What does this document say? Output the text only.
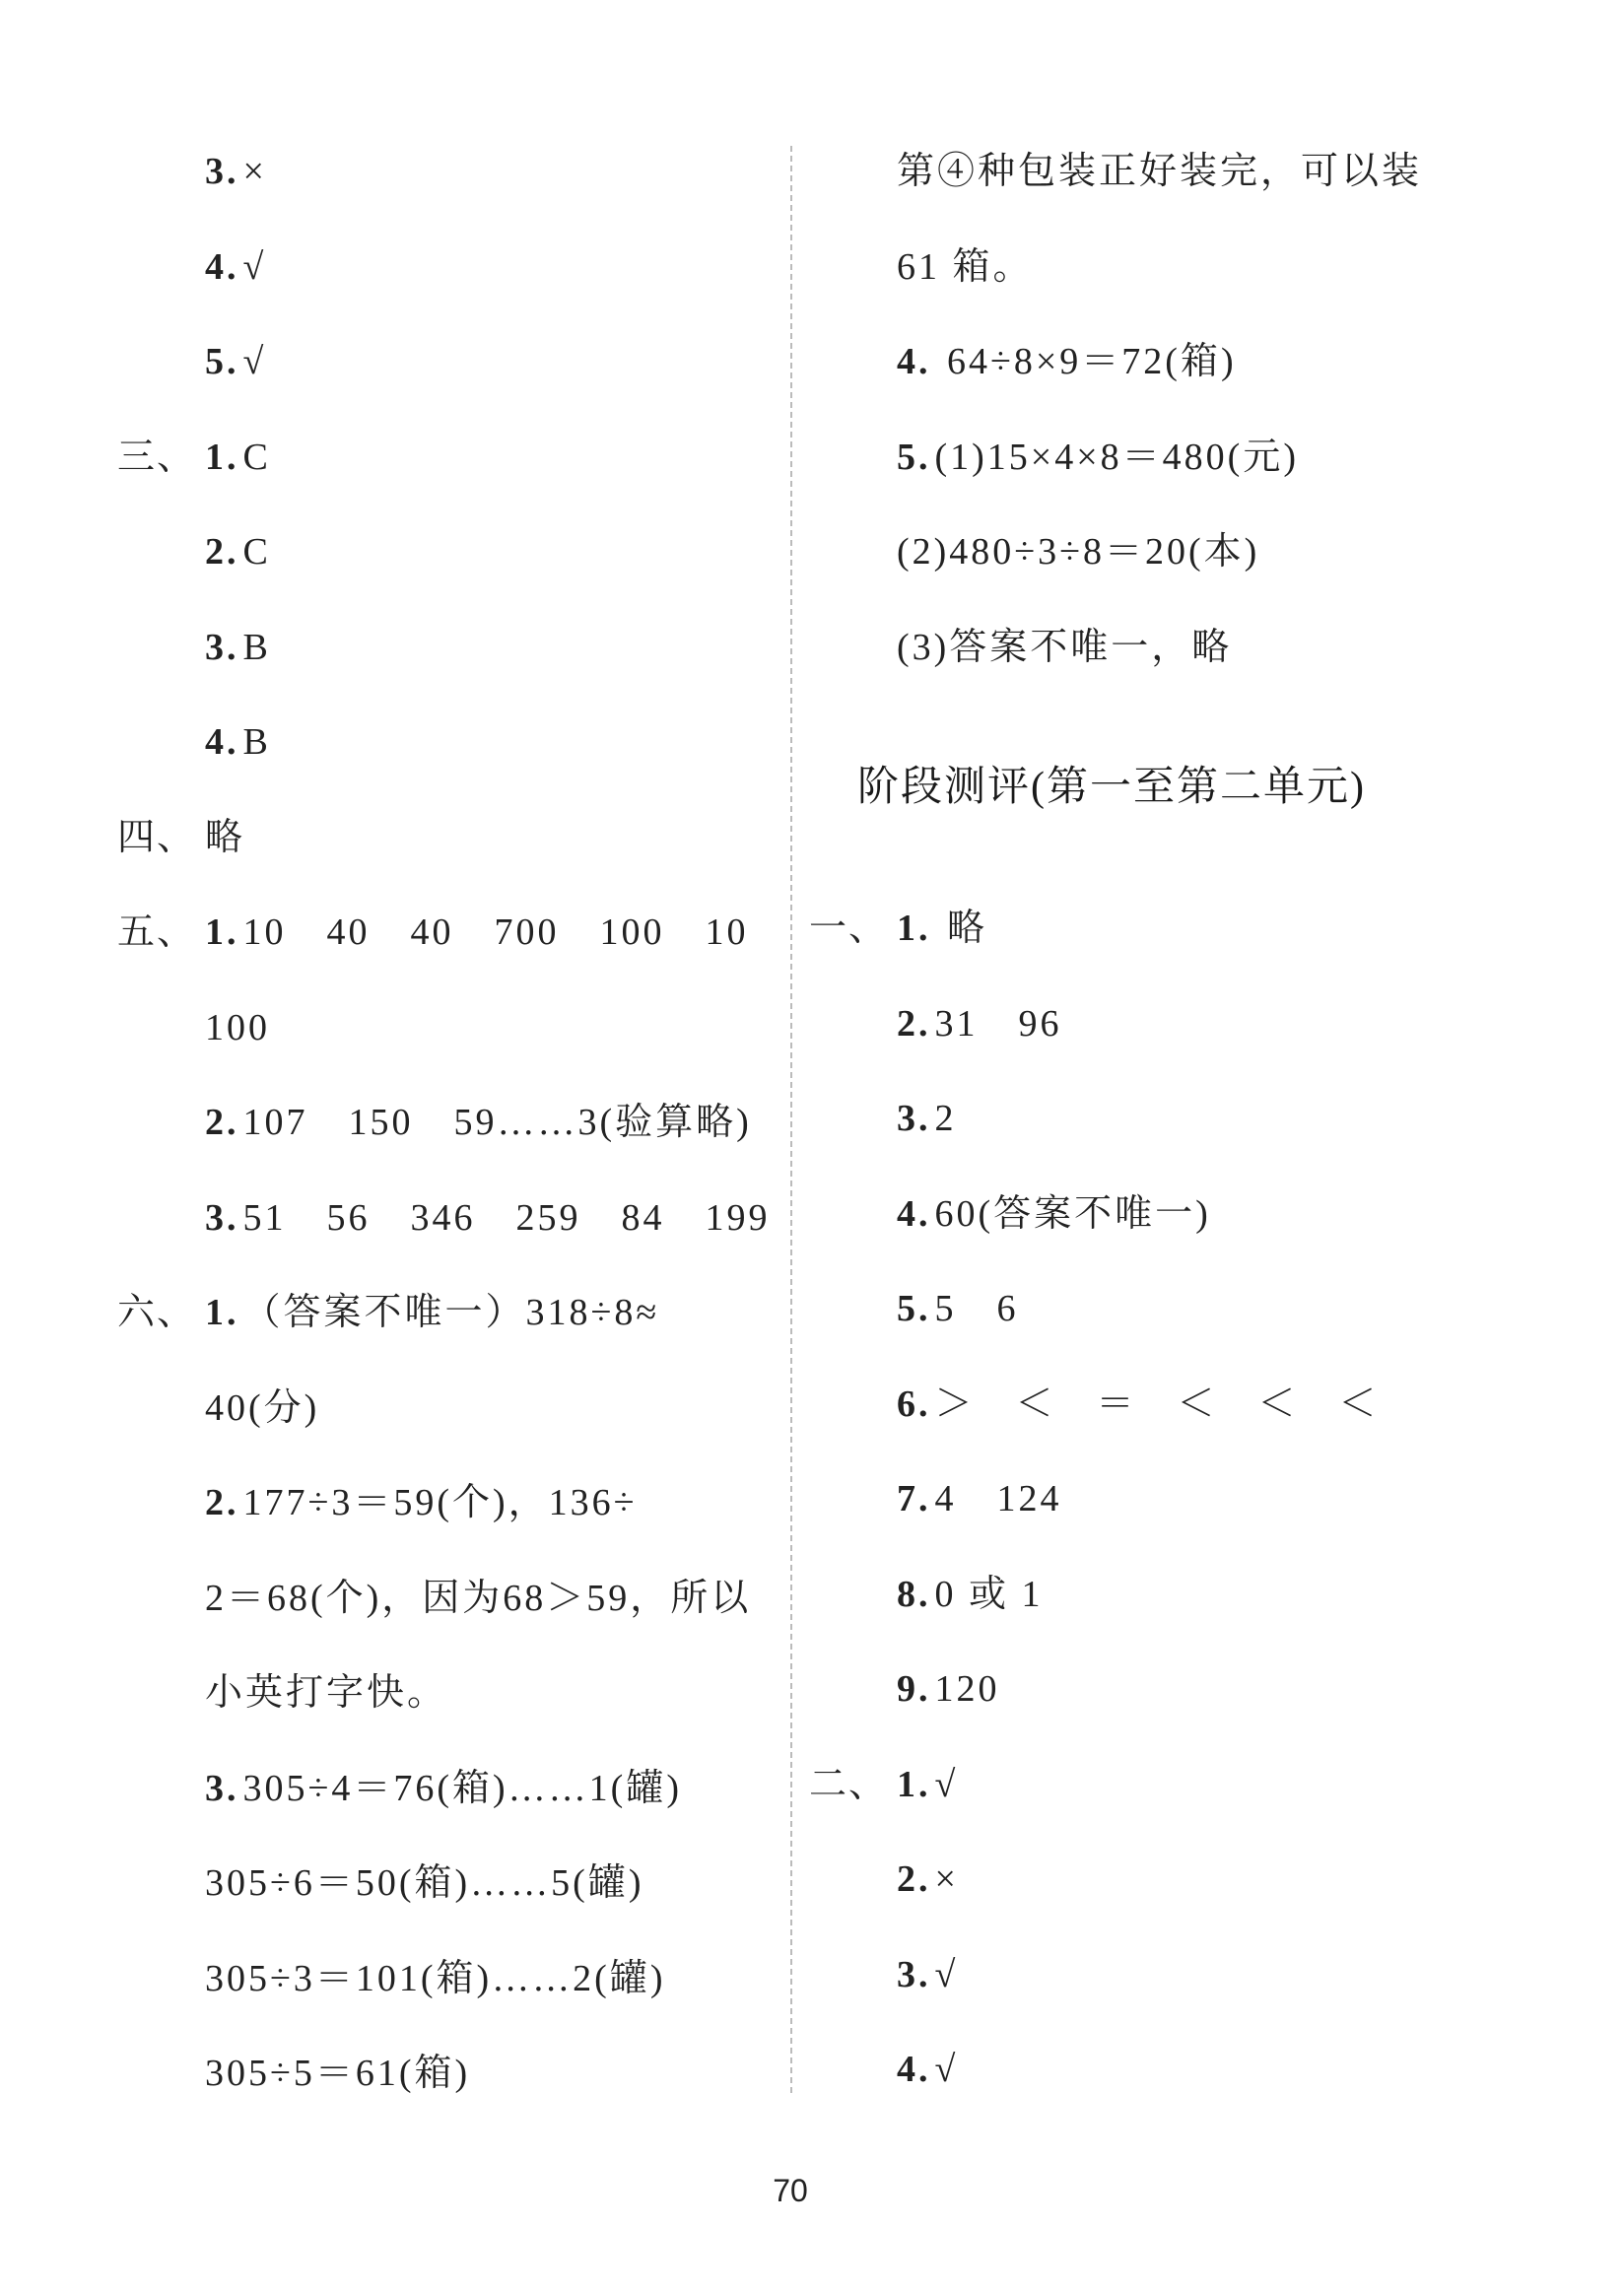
3. ×
4. √
5. √
三、 1. C
2. C
3. B
4. B
四、 略
五、 1. 10　40　40　700　100　10
100
2. 107　150　59……3(验算略)
3. 51　56　346　259　84　199
六、 1. （答案不唯一）318÷8≈
40(分)
2. 177÷3＝59(个)，136÷
2＝68(个)，因为68＞59，所以
小英打字快。
3. 305÷4＝76(箱)……1(罐)
305÷6＝50(箱)……5(罐)
305÷3＝101(箱)……2(罐)
305÷5＝61(箱)
第④种包装正好装完，可以装
61 箱。
4. 64÷8×9＝72(箱)
5. (1)15×4×8＝480(元)
(2)480÷3÷8＝20(本)
(3)答案不唯一，略
阶段测评(第一至第二单元)
一、 1. 略
2. 31　96
3. 2
4. 60(答案不唯一)
5. 5　6
6. ＞　＜　＝　＜　＜　＜
7. 4　124
8. 0 或 1
9. 120
二、 1. √
2. ×
3. √
4. √
70
